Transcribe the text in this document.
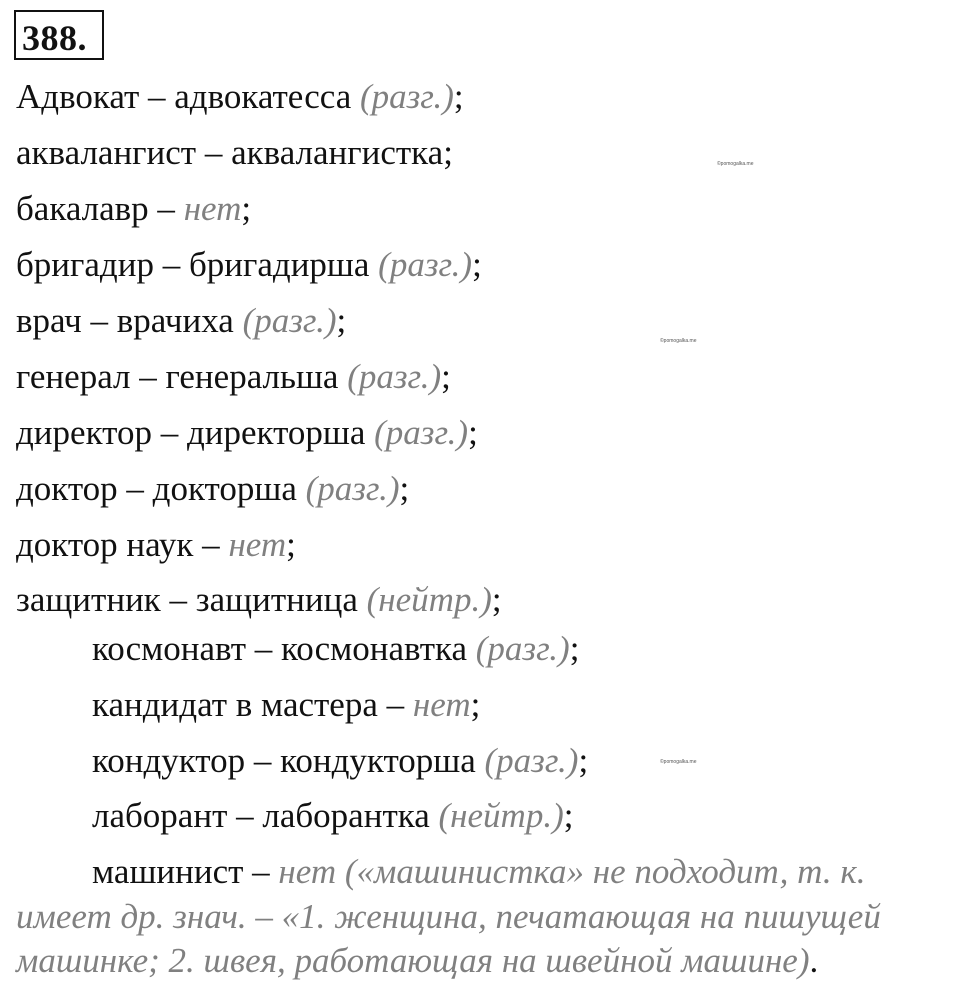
388.
Адвокат – адвокатесса (разг.);
аквалангист – аквалангистка;
бакалавр – нет;
бригадир – бригадирша (разг.);
врач – врачиха (разг.);
генерал – генеральша (разг.);
директор – директорша (разг.);
доктор – докторша (разг.);
доктор наук – нет;
защитник – защитница (нейтр.);
космонавт – космонавтка (разг.);
кандидат в мастера – нет;
кондуктор – кондукторша (разг.);
лаборант – лаборантка (нейтр.);
машинист – нет («машинистка» не подходит, т. к.
имеет др. знач. – «1. женщина, печатающая на пишущей
машинке; 2. швея, работающая на швейной машине).
©pomogalka.me
©pomogalka.me
©pomogalka.me
